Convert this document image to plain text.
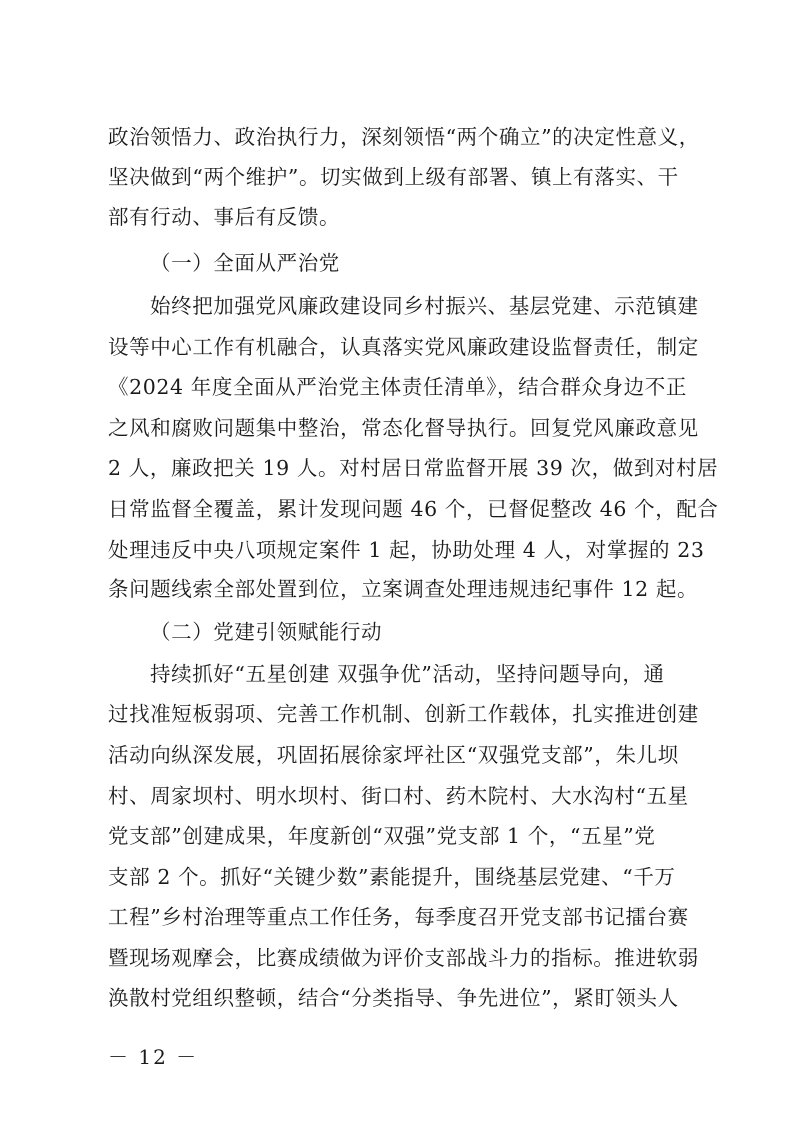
政治领悟力、政治执行力，深刻领悟“两个确立”的决定性意义，
坚决做到“两个维护”。切实做到上级有部署、镇上有落实、干
部有行动、事后有反馈。
（一）全面从严治党
始终把加强党风廉政建设同乡村振兴、基层党建、示范镇建
设等中心工作有机融合，认真落实党风廉政建设监督责任，制定
《2024 年度全面从严治党主体责任清单》，结合群众身边不正
之风和腐败问题集中整治，常态化督导执行。回复党风廉政意见
2 人，廉政把关 19 人。对村居日常监督开展 39 次，做到对村居
日常监督全覆盖，累计发现问题 46 个，已督促整改 46 个，配合
处理违反中央八项规定案件 1 起，协助处理 4 人，对掌握的 23
条问题线索全部处置到位，立案调查处理违规违纪事件 12 起。
（二）党建引领赋能行动
持续抓好“五星创建 双强争优”活动，坚持问题导向，通
过找准短板弱项、完善工作机制、创新工作载体，扎实推进创建
活动向纵深发展，巩固拓展徐家坪社区“双强党支部”，朱儿坝
村、周家坝村、明水坝村、街口村、药木院村、大水沟村“五星
党支部”创建成果，年度新创“双强”党支部 1 个，“五星”党
支部 2 个。抓好“关键少数”素能提升，围绕基层党建、“千万
工程”乡村治理等重点工作任务，每季度召开党支部书记擂台赛
暨现场观摩会，比赛成绩做为评价支部战斗力的指标。推进软弱
涣散村党组织整顿，结合“分类指导、争先进位”，紧盯领头人
－ 12 －
